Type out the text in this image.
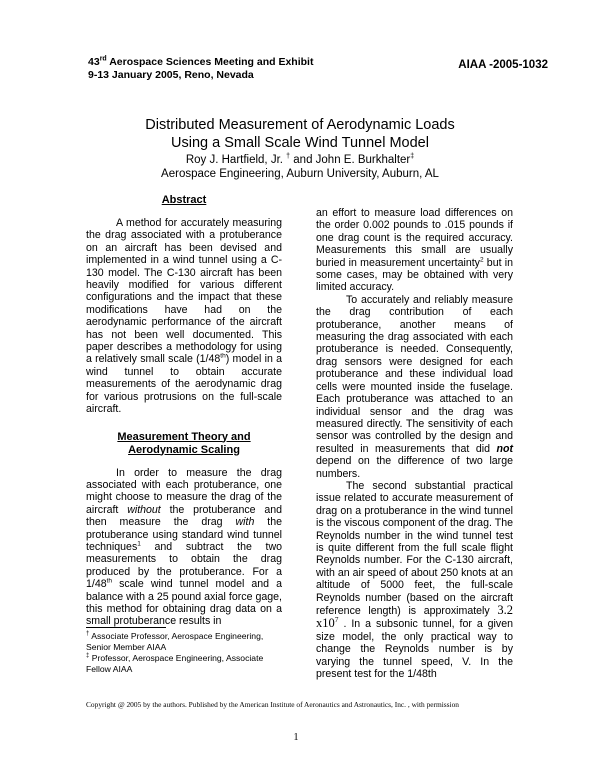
43rd Aerospace Sciences Meeting and Exhibit
9-13 January 2005, Reno, Nevada
AIAA -2005-1032
Distributed Measurement of Aerodynamic Loads
Using a Small Scale Wind Tunnel Model
Roy J. Hartfield, Jr. † and John E. Burkhalter‡
Aerospace Engineering, Auburn University, Auburn, AL
Abstract

A method for accurately measuring the drag associated with a protuberance on an aircraft has been devised and implemented in a wind tunnel using a C-130 model. The C-130 aircraft has been heavily modified for various different configurations and the impact that these modifications have had on the aerodynamic performance of the aircraft has not been well documented. This paper describes a methodology for using a relatively small scale (1/48th) model in a wind tunnel to obtain accurate measurements of the aerodynamic drag for various protrusions on the full-scale aircraft.

Measurement Theory and
Aerodynamic Scaling

In order to measure the drag associated with each protuberance, one might choose to measure the drag of the aircraft without the protuberance and then measure the drag with the protuberance using standard wind tunnel techniques$^1$ and subtract the two measurements to obtain the drag produced by the protuberance. For a 1/48th scale wind tunnel model and a balance with a 25 pound axial force gage, this method for obtaining drag data on a small protuberance results in

† Associate Professor, Aerospace Engineering, Senior Member AIAA
‡ Professor, Aerospace Engineering, Associate Fellow AIAA

an effort to measure load differences on the order 0.002 pounds to .015 pounds if one drag count is the required accuracy. Measurements this small are usually buried in measurement uncertainty$^2$ but in some cases, may be obtained with very limited accuracy.

To accurately and reliably measure the drag contribution of each protuberance, another means of measuring the drag associated with each protuberance is needed. Consequently, drag sensors were designed for each protuberance and these individual load cells were mounted inside the fuselage. Each protuberance was attached to an individual sensor and the drag was measured directly. The sensitivity of each sensor was controlled by the design and resulted in measurements that did not depend on the difference of two large numbers.

The second substantial practical issue related to accurate measurement of drag on a protuberance in the wind tunnel is the viscous component of the drag. The Reynolds number in the wind tunnel test is quite different from the full scale flight Reynolds number. For the C-130 aircraft, with an air speed of about 250 knots at an altitude of 5000 feet, the full-scale Reynolds number (based on the aircraft reference length) is approximately 3.2 $x10^7$ . In a subsonic tunnel, for a given size model, the only practical way to change the Reynolds number is by varying the tunnel speed, V. In the present test for the 1/48th

Copyright @ 2005 by the authors. Published by the American Institute of Aeronautics and Astronautics, Inc. , with permission
1
